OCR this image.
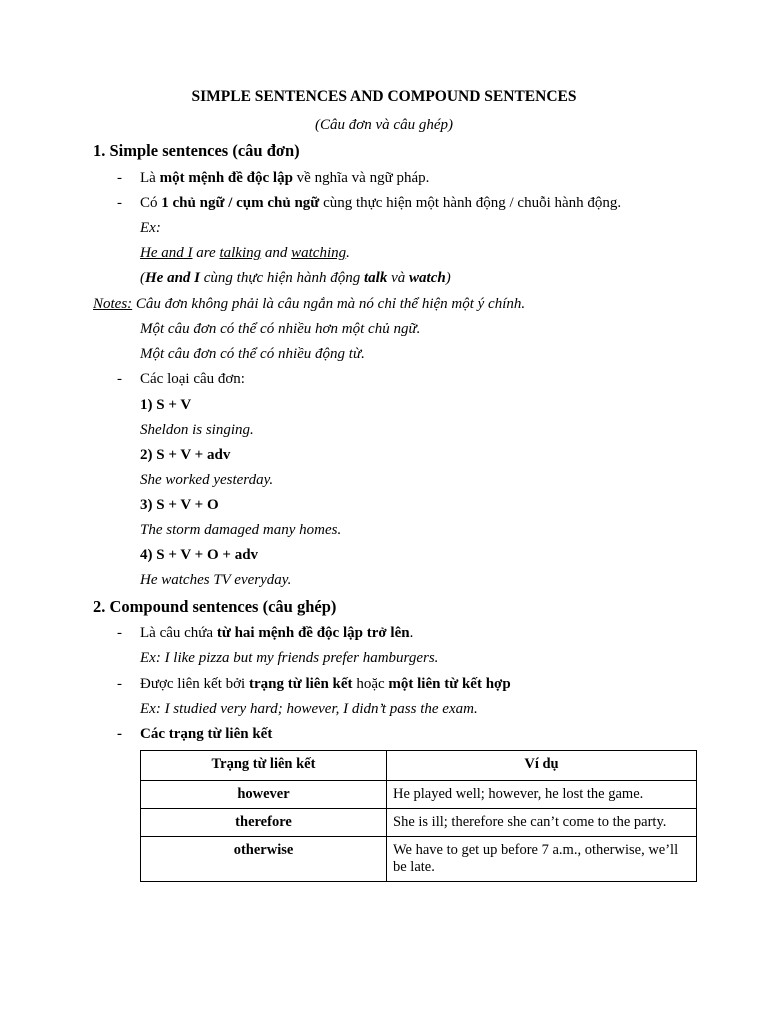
SIMPLE SENTENCES AND COMPOUND SENTENCES
(Câu đơn và câu ghép)
1. Simple sentences (câu đơn)
- Là một mệnh đề độc lập về nghĩa và ngữ pháp.
- Có 1 chủ ngữ / cụm chủ ngữ cùng thực hiện một hành động / chuỗi hành động.
Ex:
He and I are talking and watching.
(He and I cùng thực hiện hành động talk và watch)
Notes: Câu đơn không phải là câu ngắn mà nó chỉ thể hiện một ý chính.
Một câu đơn có thể có nhiều hơn một chủ ngữ.
Một câu đơn có thể có nhiều động từ.
- Các loại câu đơn:
1) S + V
Sheldon is singing.
2) S + V + adv
She worked yesterday.
3) S + V + O
The storm damaged many homes.
4) S + V + O + adv
He watches TV everyday.
2. Compound sentences (câu ghép)
- Là câu chứa từ hai mệnh đề độc lập trở lên.
Ex: I like pizza but my friends prefer hamburgers.
- Được liên kết bởi trạng từ liên kết hoặc một liên từ kết hợp
Ex: I studied very hard; however, I didn’t pass the exam.
- Các trạng từ liên kết
Trạng từ liên kết	Ví dụ
however	He played well; however, he lost the game.
therefore	She is ill; therefore she can’t come to the party.
otherwise	We have to get up before 7 a.m., otherwise, we’ll be late.
